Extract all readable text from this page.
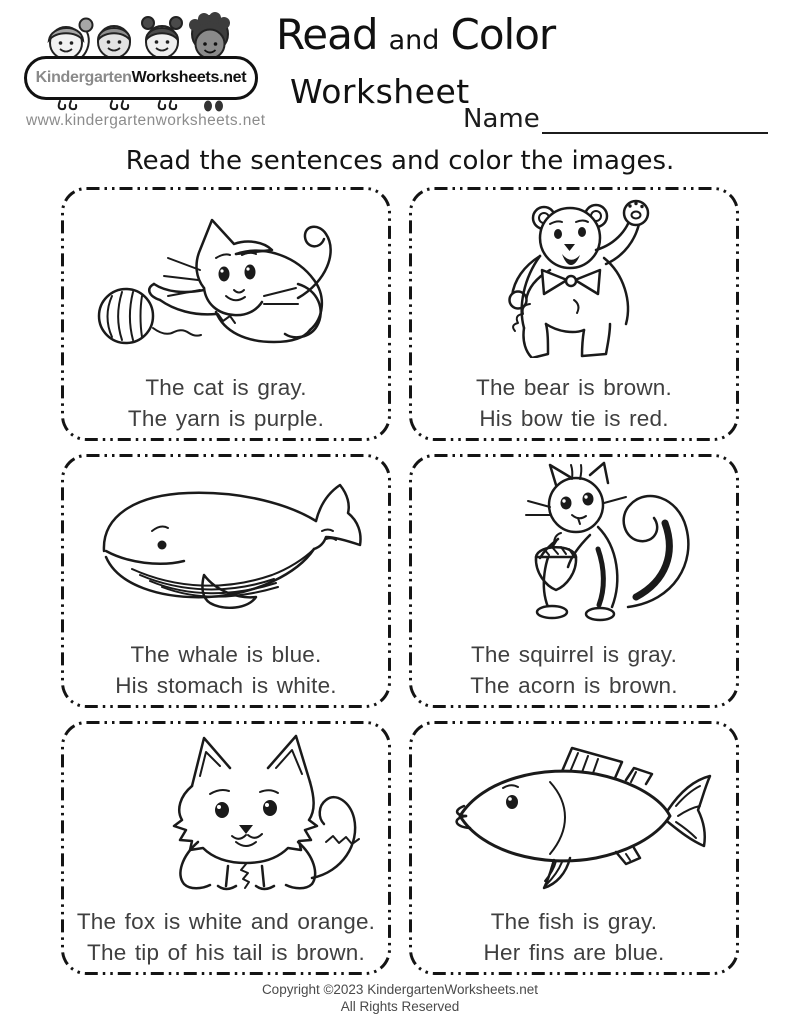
Kindergarten Worksheets.net
www.kindergartenworksheets.net
Read and Color
Worksheet
Name
Read the sentences and color the images.
The cat is gray.
The yarn is purple.
The bear is brown.
His bow tie is red.
The whale is blue.
His stomach is white.
The squirrel is gray.
The acorn is brown.
The fox is white and orange.
The tip of his tail is brown.
The fish is gray.
Her fins are blue.
Copyright ©2023 KindergartenWorksheets.net
All Rights Reserved
